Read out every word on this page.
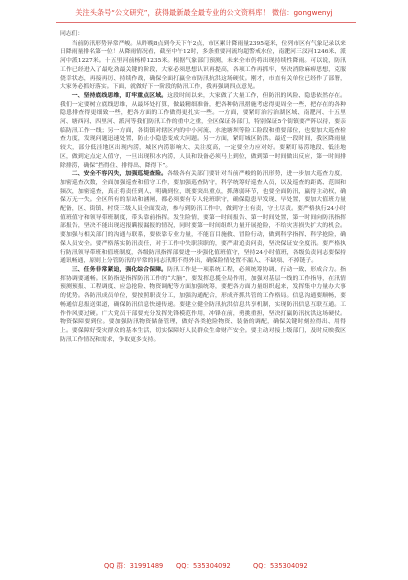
关注头条号“公文研究”，获得最新最全最专业的公文资料库！ 微信：gongwenyj

同志们：

当前防汛形势异常严峻。从昨晚8点到今天下午2点，市区累计降雨量2395毫米，位列市区有气象记录以来日降雨量排名第一位！从降雨情况看，截至中午12时，多条重要河流均超警戒水位，南淝河三汊河1246米、派河中派1227米。十五里河前杨桥1235米。根据气象部门预测，未来全市仍将出现持续性降雨。可以说，防汛工作已经进入了最吃劲最关键的阶段，大家必须思想认识再提高，各项工作再抓牢，坚决消除麻痹思想，克服侥幸状态，再接再厉、持续作战，确保全面打赢全市防汛抗洪这场硬仗。刚才，市直有关单位已经作了部署，大家务必抓好落实。下面，就做好下一阶段的防汛工作，我再强调四点意见。

一、坚持底线思维，盯牢重点区域。这段时间以来，大家做了大量工作，但防汛的风险、隐患依然存在。我们一定要树立底线思维，从最坏处打算，做最精细准备，把各种防汛措施考虑得更周全一些，把存在的各种隐患排查得更细致一些，把各方面的工作做得更扎实一些。一方面，要紧盯治污治湖区域、南淝河、十五里河、塘西河、四里河、派河等我们防汛工作的重中之重，全区保证各部门，特别保证5个街镇要严阵以待，要亲临防汛工作一线；另一方面，各街镇对辖区内的中小河流、水池塘坝等险工险段和重要部位，也要加大巡查检查力度，发现问题迅速处置，防止小隐患变成大问题。另一方面，紧盯城区防洪。最近一段时间，我区降雨量较大，部分低洼地区出现内涝，城区内涝影响大、关注度高，一定要全力应对好。要紧盯易涝地段、低洼地区，做到定点定人值守，一旦出现积水内涝，人员和设备必须马上到位，做到第一时间做出反应，第一时间排除排涝，确保“挡得住、排得出、降得下”。

二、安全不容闪失，加强巡堤查险。各级各有关部门要针对当前严峻的防汛形势，进一步加大巡查力度，加密巡查次数，全面加强巡查和值守工作，要加强巡查防守，科学统筹好巡查人员，以及巡查的距离、范围和频次，加密巡查，真正将责任到人、明确到位，既要突出重点，抓薄弱环节，也要全面防汛，赢得主动权，确保万无一失。全区所有的泵站和涵闸，都必须要有专人轮班职守，确保隐患早发现、早处置，要加大值班力量配备，区、街镇、村贷三级人员全面发动，参与到防汛工作中，做到守土有责，守土尽责。要严格执行24小时值班值守和领导带班制度，带头靠前指挥。发生险情，要第一时间报告、第一时间处置，第一时间向防汛指挥部报告，坚决不能出现迟报瞒报漏报的情况，同时要第一时间组织力量开展抢险，不给灾害损失扩大的机会。要加强与相关部门的沟通与联系，要依靠专业力量，不能盲目施救、冒险行动，做到科学指挥、科学抢险，确保人员安全。要严格落实防汛责任，对于工作中失职渎职的，要严肃追责问责，坚决保证安全度汛。要严格执行防汛领导带班和值班制度，各级防汛指挥部要进一步强化值班值守，坚持24小时值班，各级负责同志要保持通讯畅通，原则上分管防汛的平常的同志汛期不得外出，确保险情处置不漏人、不缺项、不掉链子。

三、任务非常紧迫，强化综合保障。防汛工作是一项系统工程，必须统筹协调、行动一致、形成合力。指挥协调要通畅。区防指是指挥防汛工作的“大脑”，要发挥总揽全局作用，加强对基层一线的工作指导，在汛情预测预报、工程调度、应急抢险、物资调配等方面加强统筹，要把各方面力量组织起来，发挥集中力量办大事的优势。各防汛成员单位，要按照职责分工，加强沟通配合，形成齐抓共管的工作格局。信息沟通要顺畅，要畅通信息报送渠道，确保防汛信息快速传递。要建立健全防汛抗洪信息共享机制，实现防汛信息互联互通。工作作风要过硬。广大党员干部要充分发挥先锋模范作用，冲锋在前，勇挑重担，坚决打赢防汛抗洪这场硬仗。物资保障要到位。要加强防汛物资储备管理，做好各类抢险物资、装备的调配，确保关键时刻拉得出、用得上。要保障好受灾群众的基本生活，切实保障好人民群众生命财产安全。要主动对接上级部门，及时反映我区防汛工作情况和需求，争取更多支持。

QQ 群：31991489 QQ：535304092	QQ：535304092
